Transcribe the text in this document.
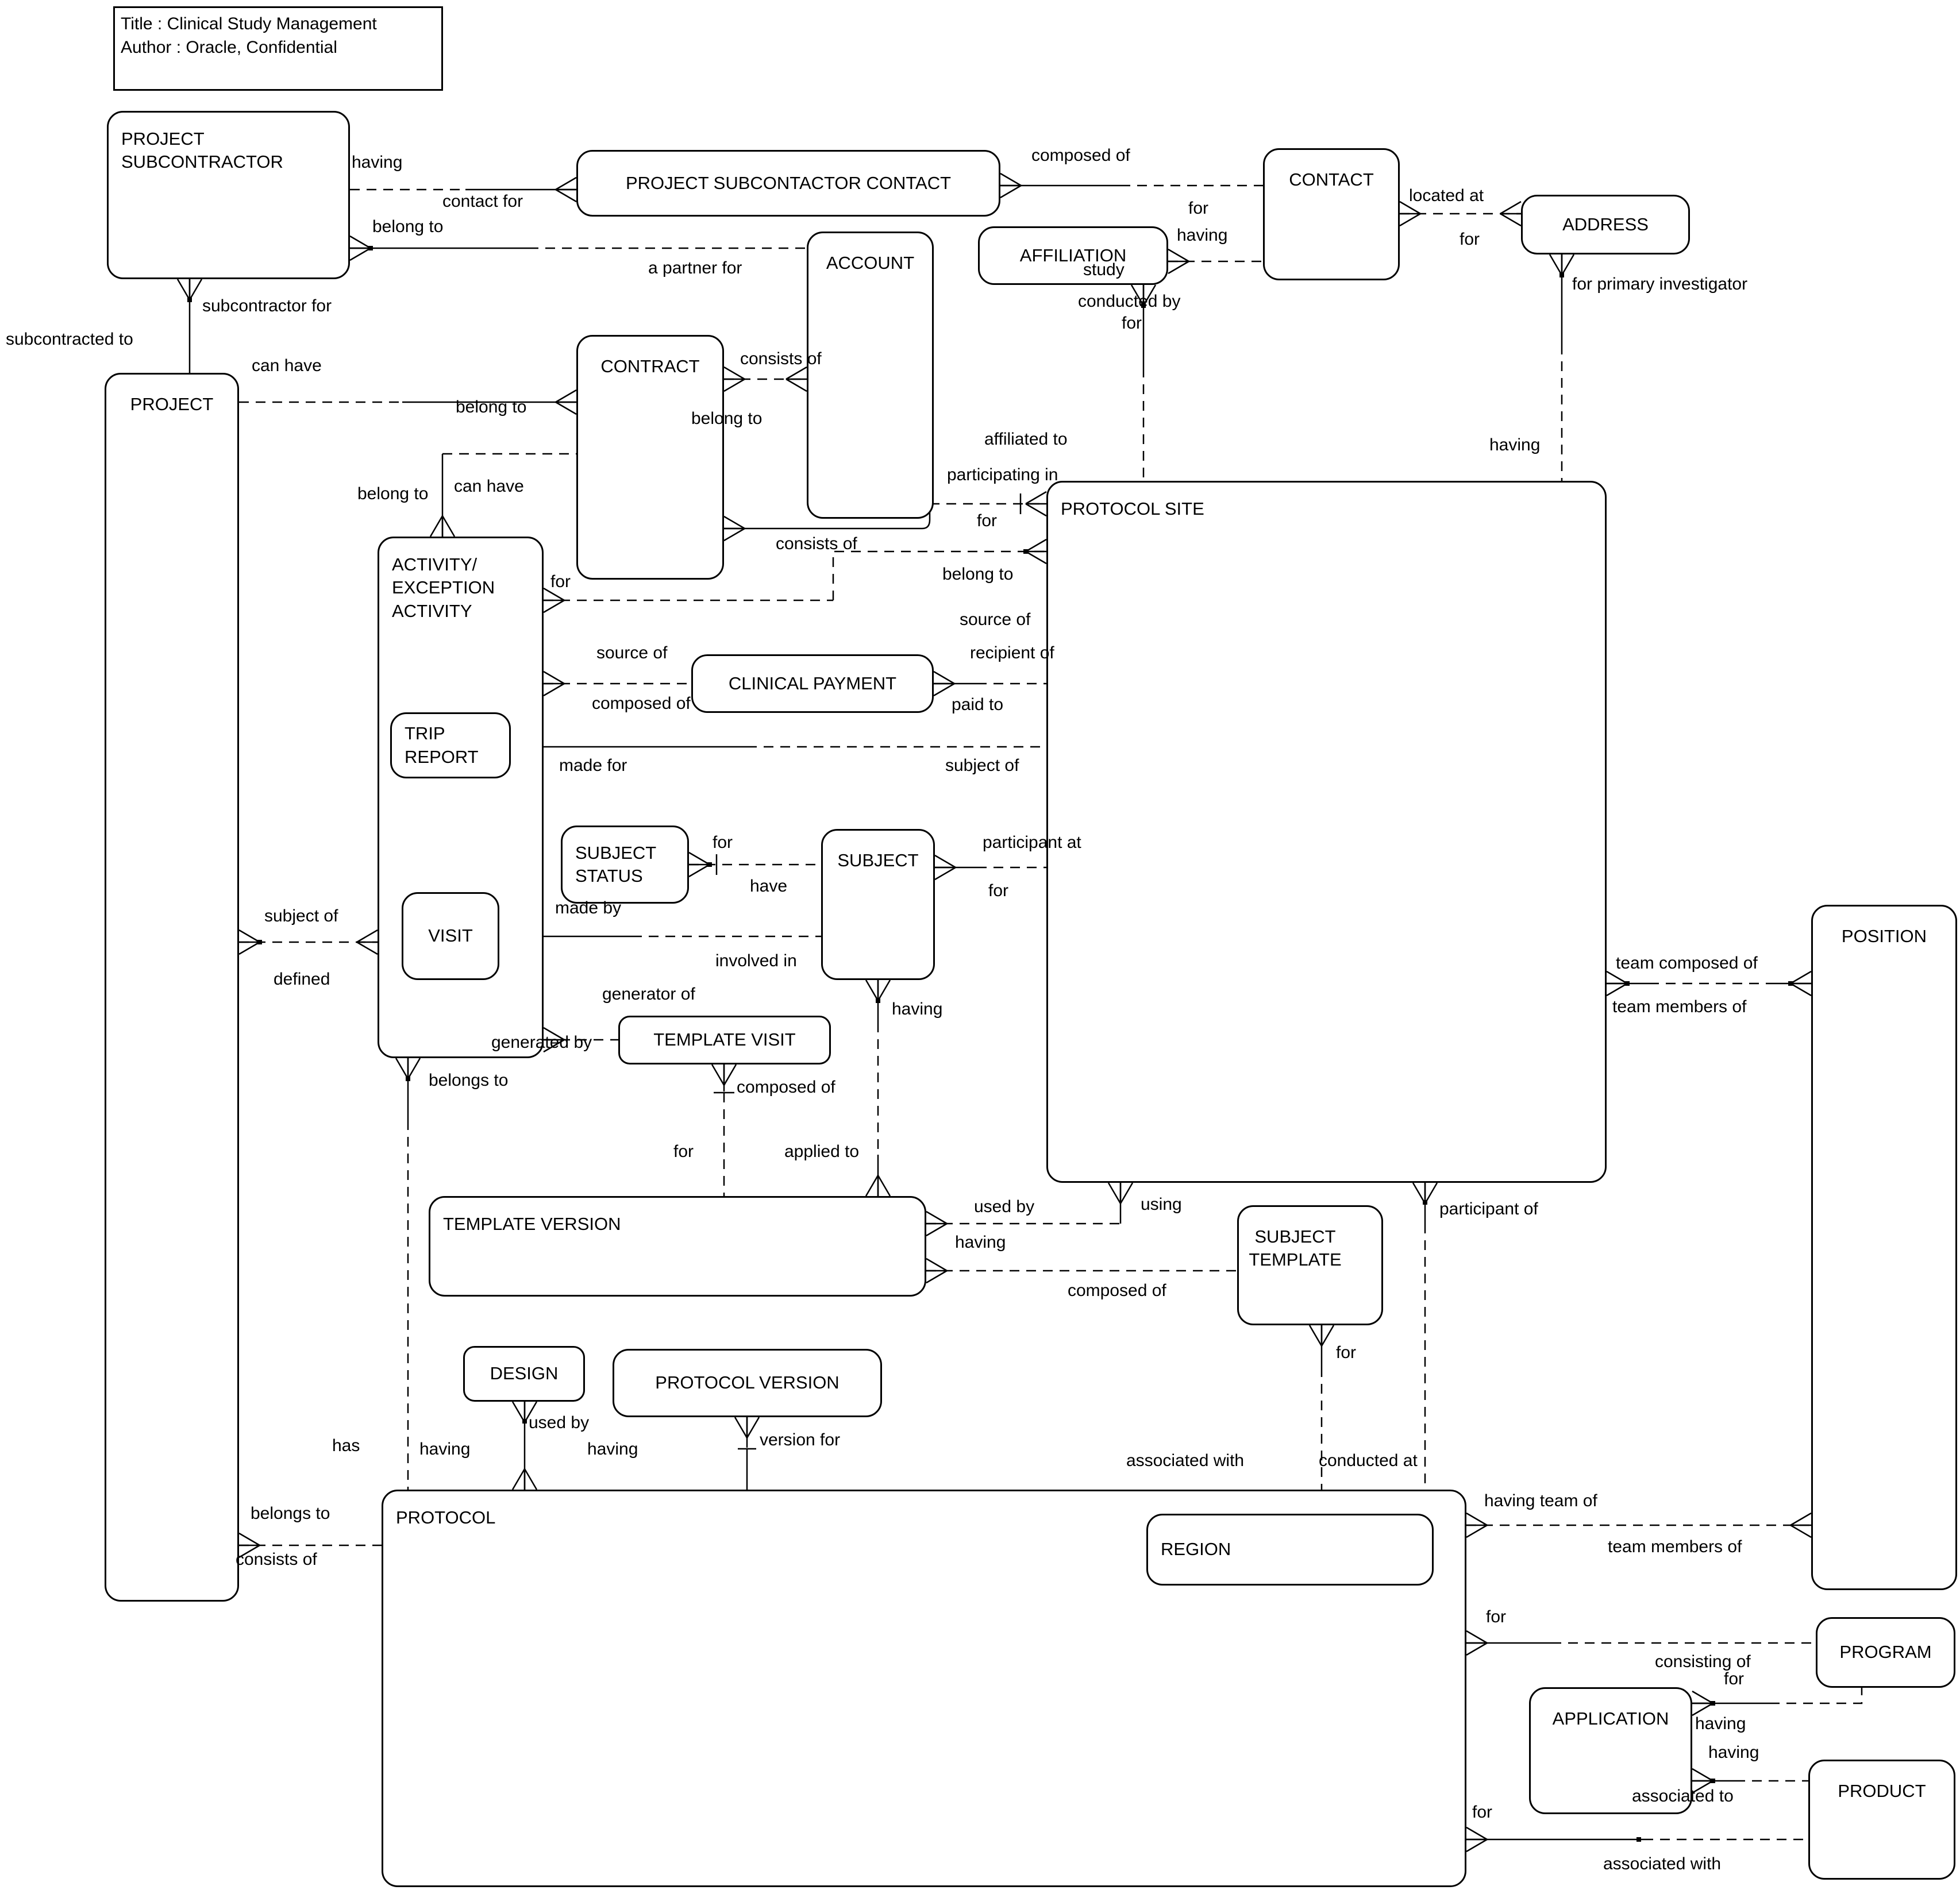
Title : Clinical Study Management
Author : Oracle, Confidential
PROJECT SUBCONTRACTOR
PROJECT SUBCONTACTOR CONTACT	CONTACT
ADDRESS
ACCOUNT	AFFILIATION
PROJECT
CONTRACT
ACTIVITY/ EXCEPTION ACTIVITY
TRIP REPORT
CLINICAL PAYMENT
PROTOCOL SITE
SUBJECT STATUS
SUBJECT
VISIT
TEMPLATE VISIT
TEMPLATE VERSION
SUBJECT TEMPLATE
DESIGN	PROTOCOL VERSION
PROTOCOL
REGION
POSITION
PROGRAM
APPLICATION
PRODUCT
having
contact for
belong to
composed of
for
having
located at
for
a partner for	study
conducted by
for
subcontractor for
subcontracted to
for primary investigator
can have
belong to
consists of
belong to
having
affiliated to
participating in
belong to can have
consists of
for
belong to
for
source of
source of
recipient of
composed of	paid to
made for	subject of
for
have
participant at
for
made by
subject of
defined
involved in
having
generator of
generated by
belongs to	composed of
for	applied to
used by	using
having
composed of
team composed of
team members of
participant of
for
used by
having	having	version for
has
associated with	conducted at
belongs to
consists of
having team of
team members of
for
consisting of
for
having
having
associated to
for
associated with
